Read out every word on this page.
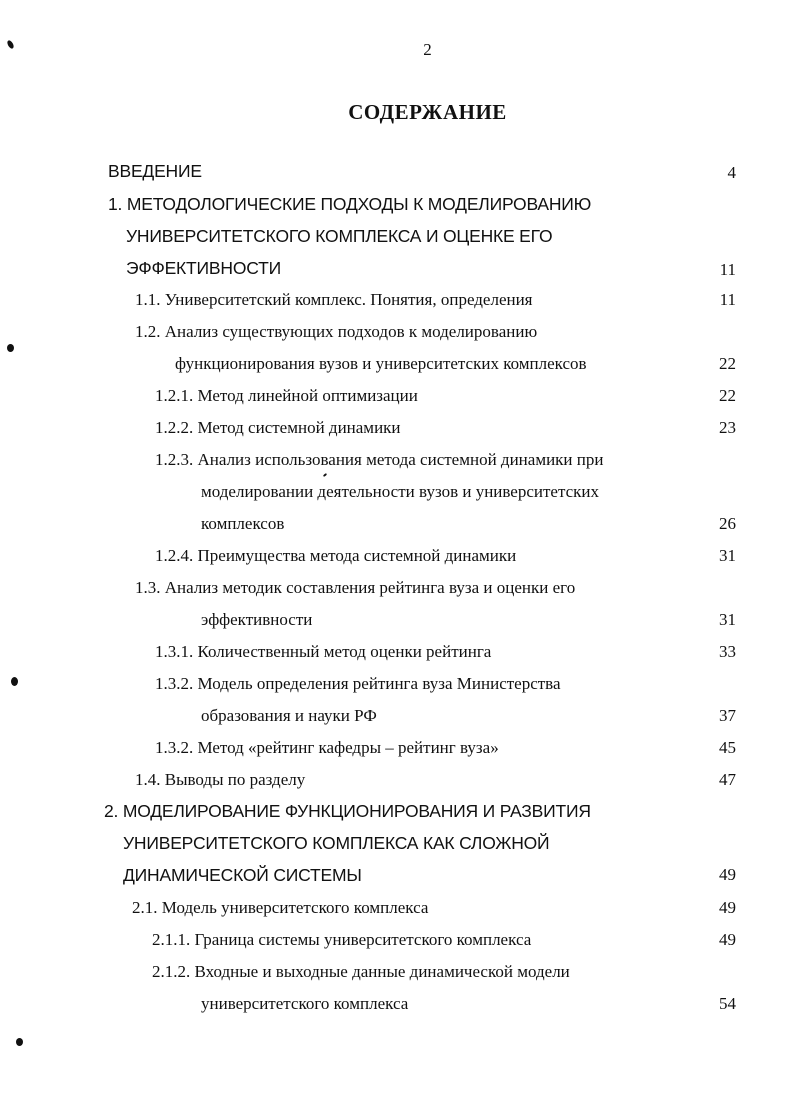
2
СОДЕРЖАНИЕ
ВВЕДЕНИЕ	4
1. МЕТОДОЛОГИЧЕСКИЕ ПОДХОДЫ К МОДЕЛИРОВАНИЮ
УНИВЕРСИТЕТСКОГО КОМПЛЕКСА И ОЦЕНКЕ ЕГО
ЭФФЕКТИВНОСТИ	11
1.1. Университетский комплекс. Понятия, определения	11
1.2. Анализ существующих подходов к моделированию
функционирования вузов и университетских комплексов	22
1.2.1. Метод линейной оптимизации	22
1.2.2. Метод системной динамики	23
1.2.3. Анализ использования метода системной динамики при
моделировании деятельности вузов и университетских
комплексов	26
1.2.4. Преимущества метода системной динамики	31
1.3. Анализ методик составления рейтинга вуза и оценки его
эффективности	31
1.3.1. Количественный метод оценки рейтинга	33
1.3.2. Модель определения рейтинга вуза Министерства
образования и науки РФ	37
1.3.2. Метод «рейтинг кафедры – рейтинг вуза»	45
1.4. Выводы по разделу	47
2. МОДЕЛИРОВАНИЕ ФУНКЦИОНИРОВАНИЯ И РАЗВИТИЯ
УНИВЕРСИТЕТСКОГО КОМПЛЕКСА КАК СЛОЖНОЙ
ДИНАМИЧЕСКОЙ СИСТЕМЫ	49
2.1. Модель университетского комплекса	49
2.1.1. Граница системы университетского комплекса	49
2.1.2. Входные и выходные данные динамической модели
университетского комплекса	54
